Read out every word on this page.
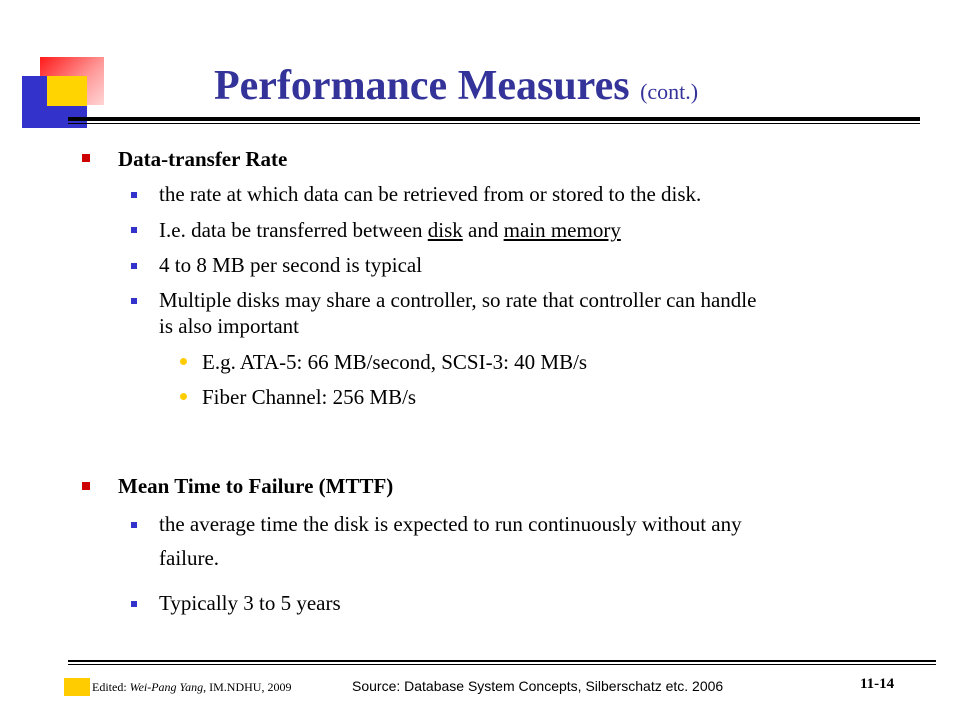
Performance Measures (cont.)
Data-transfer Rate
the rate at which data can be retrieved from or stored to the disk.
I.e. data be transferred between disk and main memory
4 to 8 MB per second is typical
Multiple disks may share a controller, so rate that controller can handle
is also important
E.g. ATA-5: 66 MB/second, SCSI-3: 40 MB/s
Fiber Channel: 256 MB/s
Mean Time to Failure (MTTF)
the average time the disk is expected to run continuously without any
failure.
Typically 3 to 5 years
Edited: Wei-Pang Yang, IM.NDHU, 2009	Source: Database System Concepts, Silberschatz etc. 2006	11-14
